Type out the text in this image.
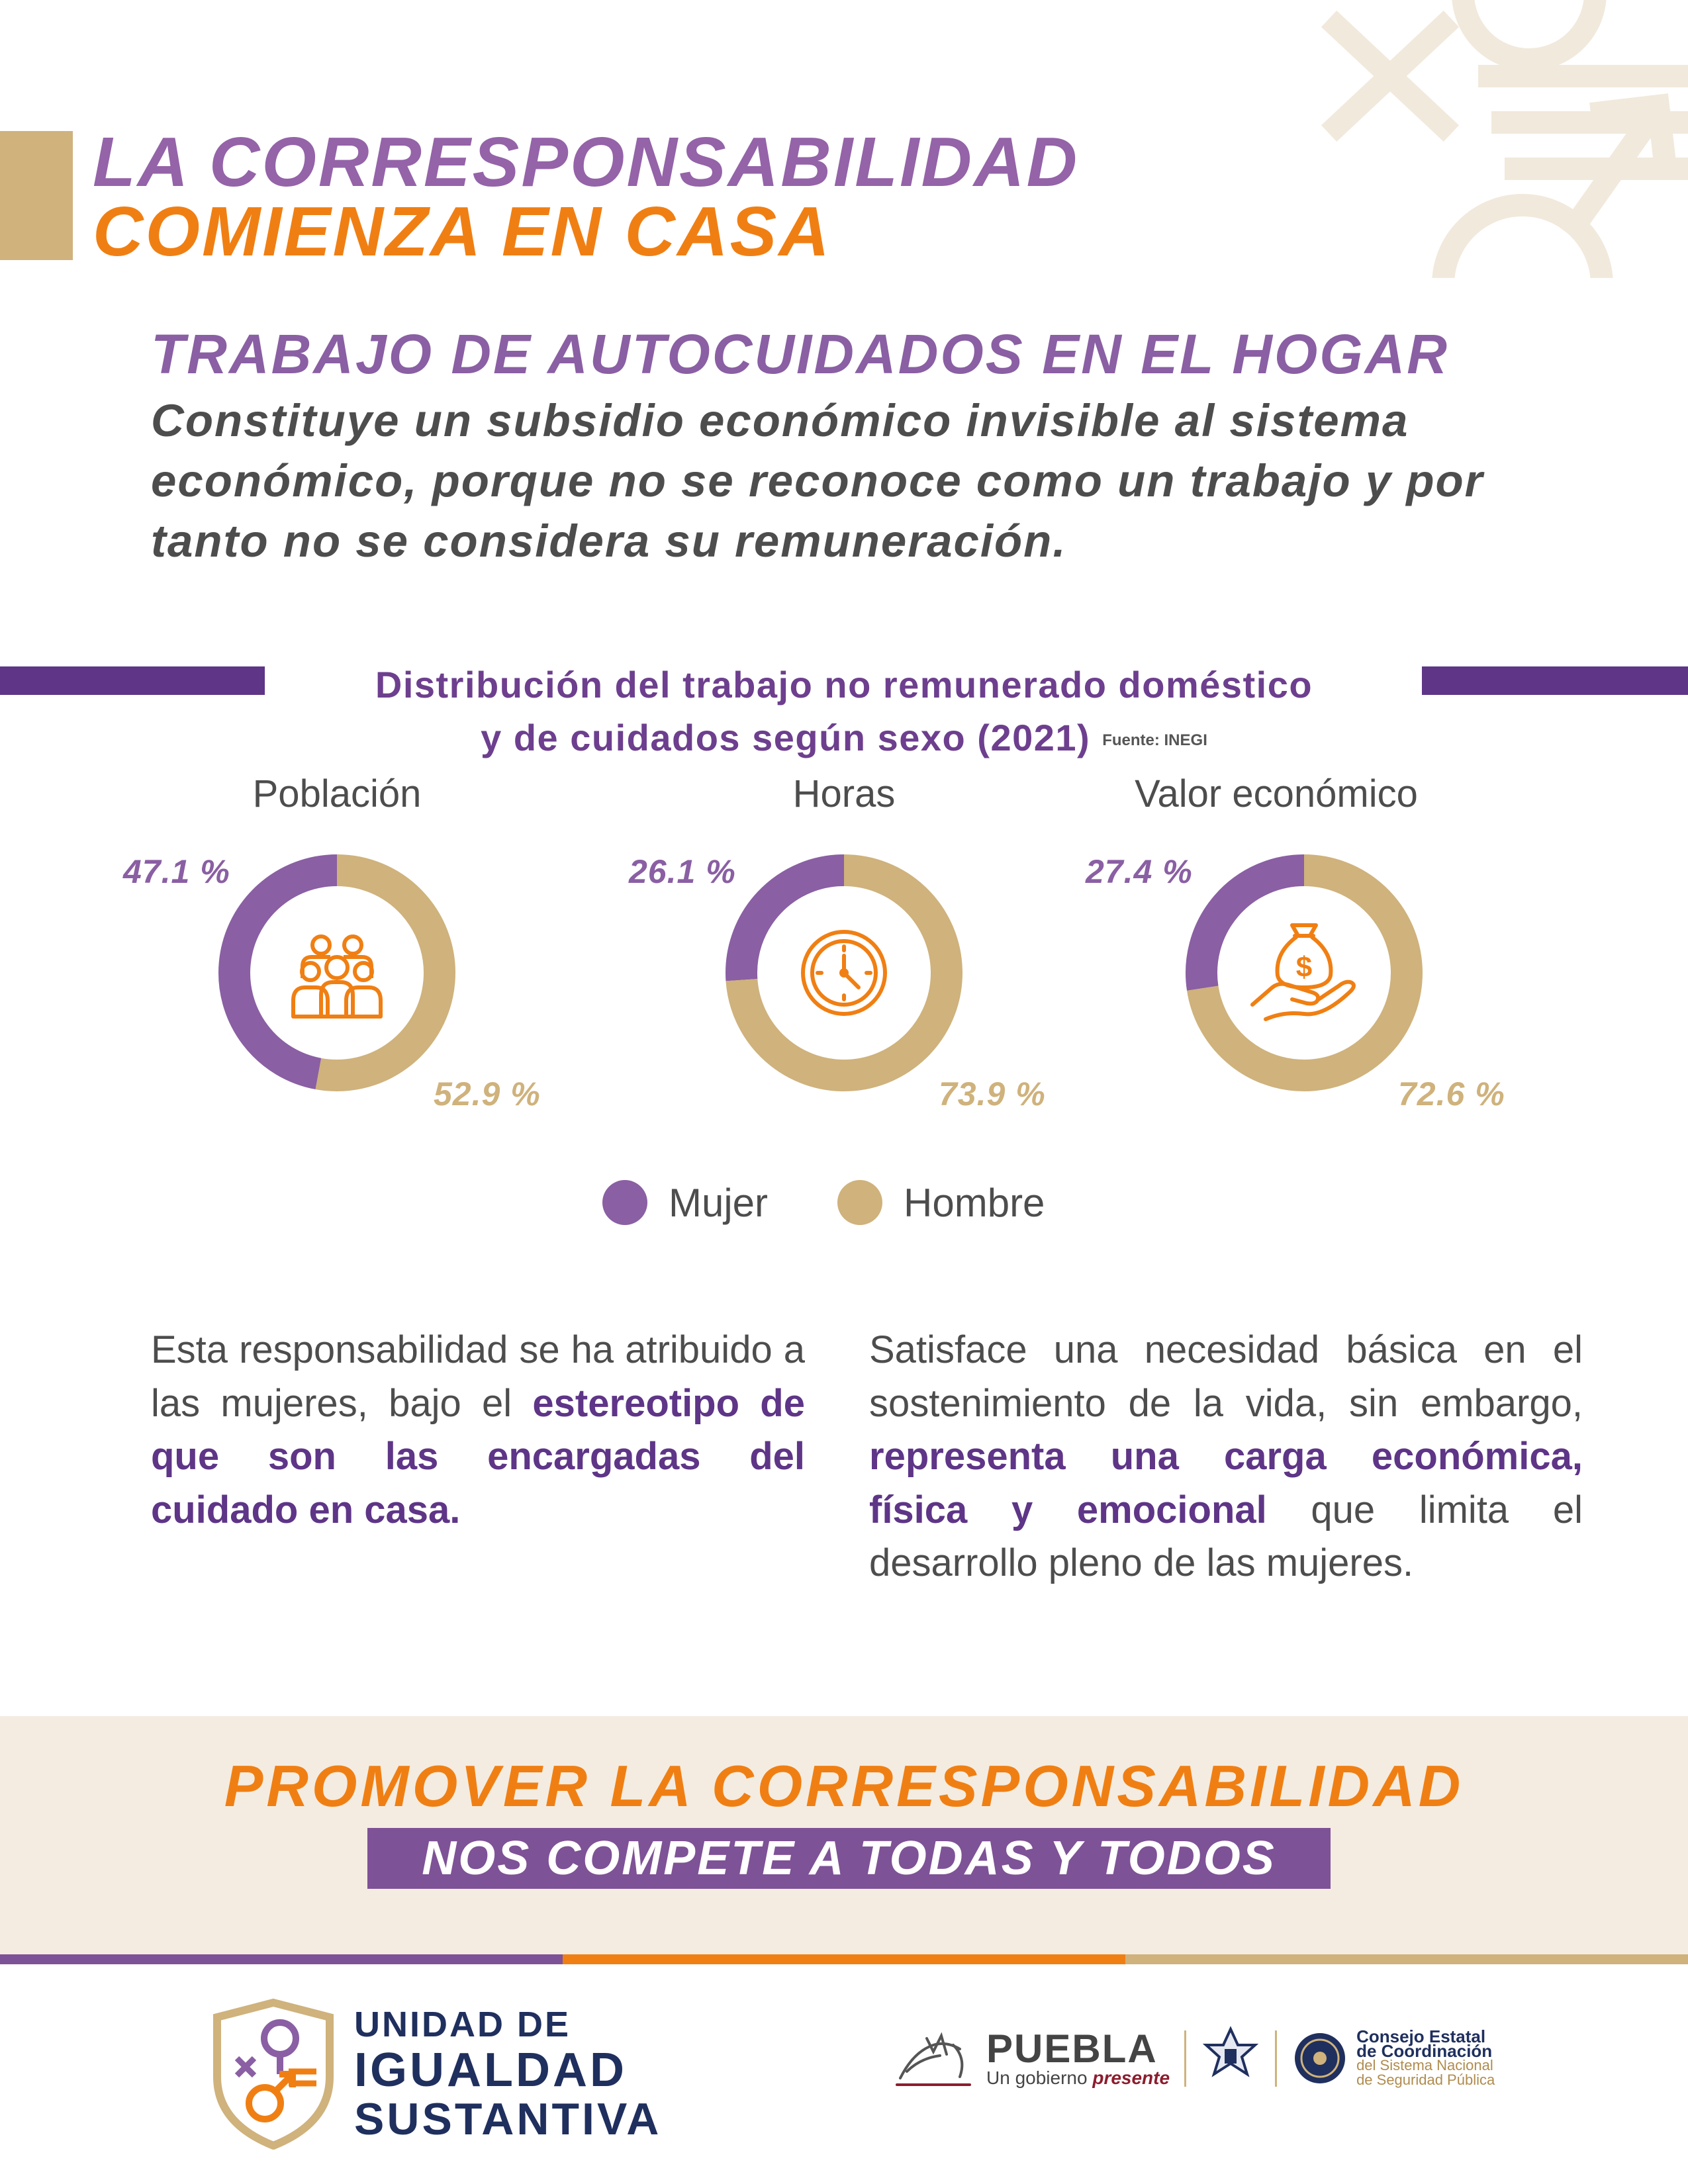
LA CORRESPONSABILIDAD
COMIENZA EN CASA
TRABAJO DE AUTOCUIDADOS EN EL HOGAR
Constituye un subsidio económico invisible al sistema económico, porque no se reconoce como un trabajo y por tanto no se considera su remuneración.
Distribución del trabajo no remunerado doméstico
y de cuidados según sexo (2021) Fuente: INEGI
Población
47.1 %
52.9 %
Horas
26.1 %
73.9 %
Valor económico
$
27.4 %
72.6 %
Mujer	Hombre
Esta responsabilidad se ha atribuido a las mujeres, bajo el estereotipo de que son las encargadas del cuidado en casa.
Satisface una necesidad básica en el sostenimiento de la vida, sin embargo, representa una carga económica, física y emocional que limita el desarrollo pleno de las mujeres.
PROMOVER LA CORRESPONSABILIDAD
NOS COMPETE A TODAS Y TODOS
UNIDAD DE
IGUALDAD
SUSTANTIVA
PUEBLA
Un gobierno presente
Consejo Estatal
de Coordinación
del Sistema Nacional
de Seguridad Pública
